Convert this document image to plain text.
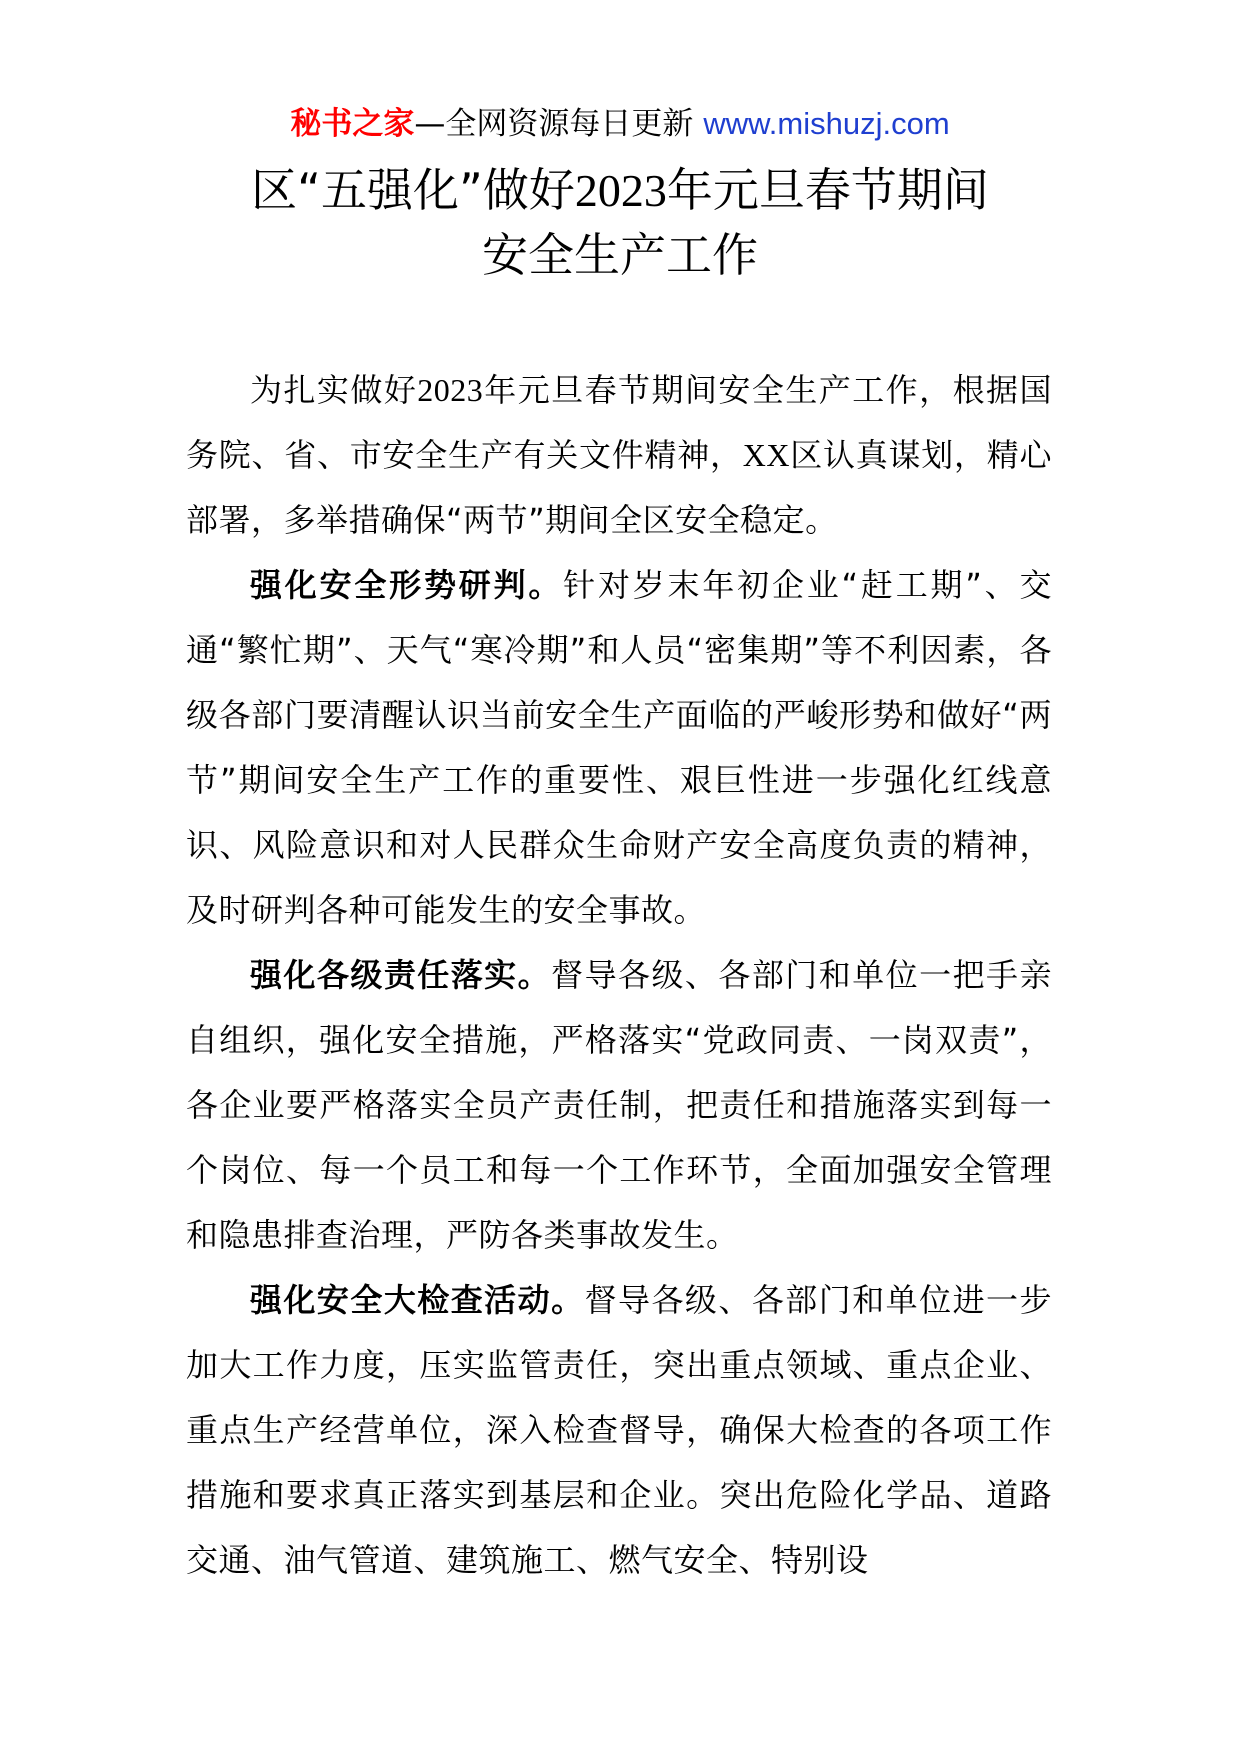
秘书之家—全网资源每日更新 www.mishuzj.com
区“五强化”做好2023年元旦春节期间
安全生产工作

为扎实做好2023年元旦春节期间安全生产工作，根据国务院、省、市安全生产有关文件精神，XX区认真谋划，精心部署，多举措确保“两节”期间全区安全稳定。

强化安全形势研判。针对岁末年初企业“赶工期”、交通“繁忙期”、天气“寒冷期”和人员“密集期”等不利因素，各级各部门要清醒认识当前安全生产面临的严峻形势和做好“两节”期间安全生产工作的重要性、艰巨性进一步强化红线意识、风险意识和对人民群众生命财产安全高度负责的精神，及时研判各种可能发生的安全事故。

强化各级责任落实。督导各级、各部门和单位一把手亲自组织，强化安全措施，严格落实“党政同责、一岗双责”，各企业要严格落实全员产责任制，把责任和措施落实到每一个岗位、每一个员工和每一个工作环节，全面加强安全管理和隐患排查治理，严防各类事故发生。

强化安全大检查活动。督导各级、各部门和单位进一步加大工作力度，压实监管责任，突出重点领域、重点企业、重点生产经营单位，深入检查督导，确保大检查的各项工作措施和要求真正落实到基层和企业。突出危险化学品、道路交通、油气管道、建筑施工、燃气安全、特别设
